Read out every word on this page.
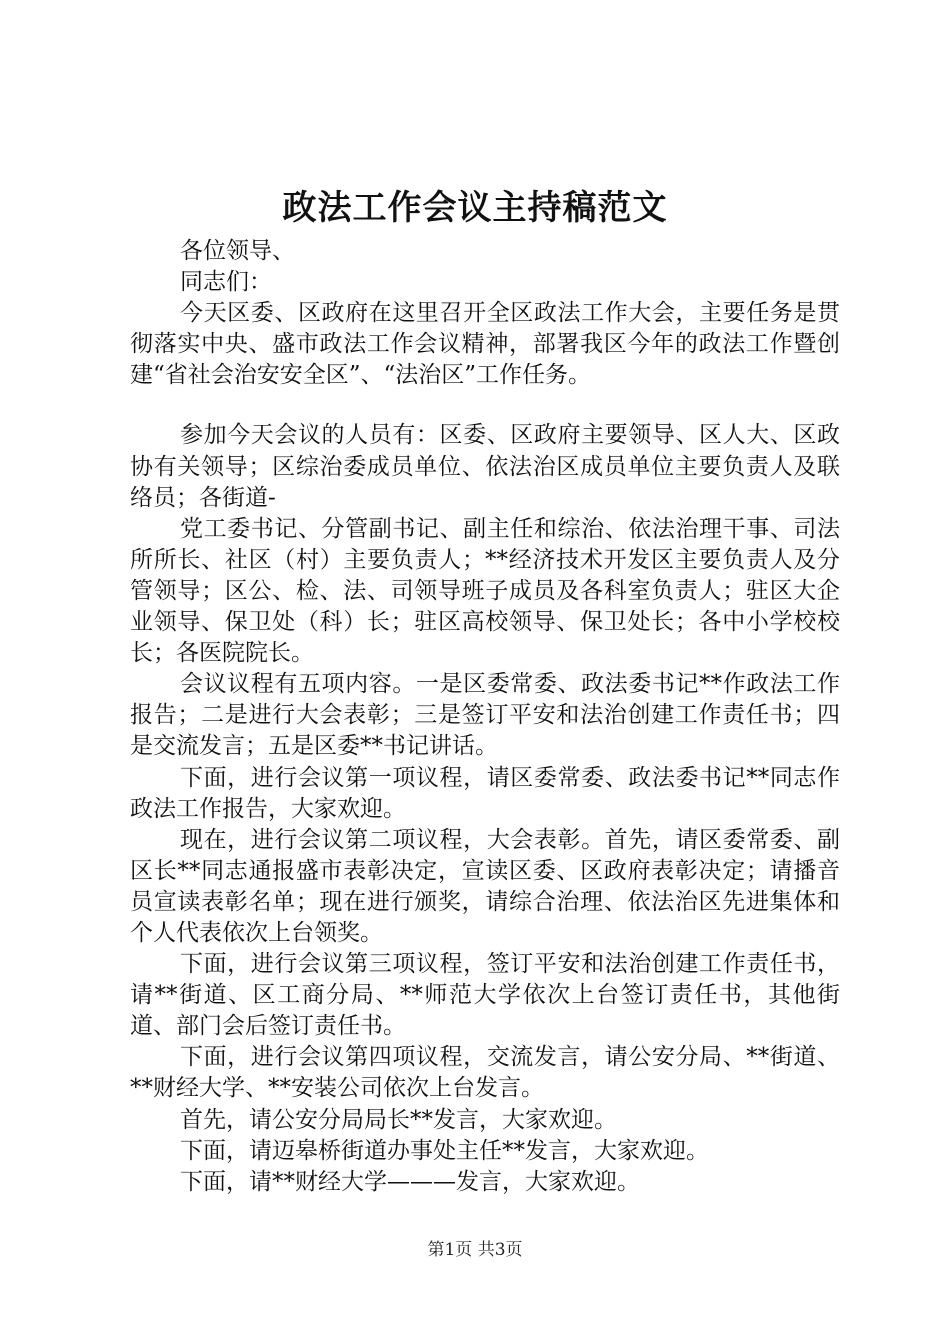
政法工作会议主持稿范文

各位领导、

同志们：

今天区委、区政府在这里召开全区政法工作大会，主要任务是贯彻落实中央、盛市政法工作会议精神，部署我区今年的政法工作暨创建“省社会治安安全区”、“法治区”工作任务。

参加今天会议的人员有：区委、区政府主要领导、区人大、区政协有关领导；区综治委成员单位、依法治区成员单位主要负责人及联络员；各街道-

党工委书记、分管副书记、副主任和综治、依法治理干事、司法所所长、社区（村）主要负责人；**经济技术开发区主要负责人及分管领导；区公、检、法、司领导班子成员及各科室负责人；驻区大企业领导、保卫处（科）长；驻区高校领导、保卫处长；各中小学校校长；各医院院长。

会议议程有五项内容。一是区委常委、政法委书记**作政法工作报告；二是进行大会表彰；三是签订平安和法治创建工作责任书；四是交流发言；五是区委**书记讲话。

下面，进行会议第一项议程，请区委常委、政法委书记**同志作政法工作报告，大家欢迎。

现在，进行会议第二项议程，大会表彰。首先，请区委常委、副区长**同志通报盛市表彰决定，宣读区委、区政府表彰决定；请播音员宣读表彰名单；现在进行颁奖，请综合治理、依法治区先进集体和个人代表依次上台领奖。

下面，进行会议第三项议程，签订平安和法治创建工作责任书，请**街道、区工商分局、**师范大学依次上台签订责任书，其他街道、部门会后签订责任书。

下面，进行会议第四项议程，交流发言，请公安分局、**街道、**财经大学、**安装公司依次上台发言。

首先，请公安分局局长**发言，大家欢迎。

下面，请迈皋桥街道办事处主任**发言，大家欢迎。

下面，请**财经大学———发言，大家欢迎。

第1页 共3页
